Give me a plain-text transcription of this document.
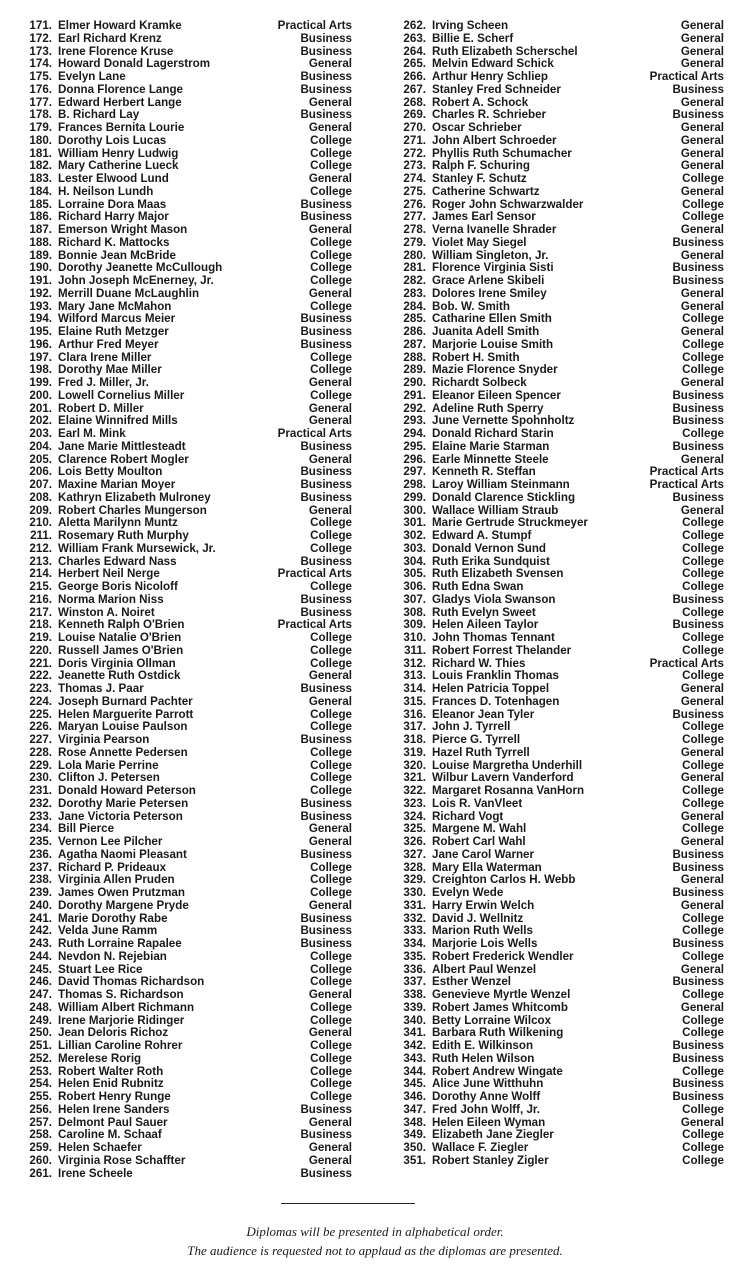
171. Elmer Howard Kramke	Practical Arts
172. Earl Richard Krenz	Business
173. Irene Florence Kruse	Business
174. Howard Donald Lagerstrom	General
175. Evelyn Lane	Business
176. Donna Florence Lange	Business
177. Edward Herbert Lange	General
178. B. Richard Lay	Business
179. Frances Bernita Lourie	General
180. Dorothy Lois Lucas	College
181. William Henry Ludwig	College
182. Mary Catherine Lueck	College
183. Lester Elwood Lund	General
184. H. Neilson Lundh	College
185. Lorraine Dora Maas	Business
186. Richard Harry Major	Business
187. Emerson Wright Mason	General
188. Richard K. Mattocks	College
189. Bonnie Jean McBride	College
190. Dorothy Jeanette McCullough	College
191. John Joseph McEnerney, Jr.	College
192. Merrill Duane McLaughlin	General
193. Mary Jane McMahon	College
194. Wilford Marcus Meier	Business
195. Elaine Ruth Metzger	Business
196. Arthur Fred Meyer	Business
197. Clara Irene Miller	College
198. Dorothy Mae Miller	College
199. Fred J. Miller, Jr.	General
200. Lowell Cornelius Miller	College
201. Robert D. Miller	General
202. Elaine Winnifred Mills	General
203. Earl M. Mink	Practical Arts
204. Jane Marie Mittlesteadt	Business
205. Clarence Robert Mogler	General
206. Lois Betty Moulton	Business
207. Maxine Marian Moyer	Business
208. Kathryn Elizabeth Mulroney	Business
209. Robert Charles Mungerson	General
210. Aletta Marilynn Muntz	College
211. Rosemary Ruth Murphy	College
212. William Frank Mursewick, Jr.	College
213. Charles Edward Nass	Business
214. Herbert Neil Nerge	Practical Arts
215. George Boris Nicoloff	College
216. Norma Marion Niss	Business
217. Winston A. Noiret	Business
218. Kenneth Ralph O'Brien	Practical Arts
219. Louise Natalie O'Brien	College
220. Russell James O'Brien	College
221. Doris Virginia Ollman	College
222. Jeanette Ruth Ostdick	General
223. Thomas J. Paar	Business
224. Joseph Burnard Pachter	General
225. Helen Marguerite Parrott	College
226. Maryan Louise Paulson	College
227. Virginia Pearson	Business
228. Rose Annette Pedersen	College
229. Lola Marie Perrine	College
230. Clifton J. Petersen	College
231. Donald Howard Peterson	College
232. Dorothy Marie Petersen	Business
233. Jane Victoria Peterson	Business
234. Bill Pierce	General
235. Vernon Lee Pilcher	General
236. Agatha Naomi Pleasant	Business
237. Richard P. Prideaux	College
238. Virginia Allen Pruden	College
239. James Owen Prutzman	College
240. Dorothy Margene Pryde	General
241. Marie Dorothy Rabe	Business
242. Velda June Ramm	Business
243. Ruth Lorraine Rapalee	Business
244. Nevdon N. Rejebian	College
245. Stuart Lee Rice	College
246. David Thomas Richardson	College
247. Thomas S. Richardson	General
248. William Albert Richmann	College
249. Irene Marjorie Ridinger	College
250. Jean Deloris Richoz	General
251. Lillian Caroline Rohrer	College
252. Merelese Rorig	College
253. Robert Walter Roth	College
254. Helen Enid Rubnitz	College
255. Robert Henry Runge	College
256. Helen Irene Sanders	Business
257. Delmont Paul Sauer	General
258. Caroline M. Schaaf	Business
259. Helen Schaefer	General
260. Virginia Rose Schaffter	General
261. Irene Scheele	Business
262. Irving Scheen	General
263. Billie E. Scherf	General
264. Ruth Elizabeth Scherschel	General
265. Melvin Edward Schick	General
266. Arthur Henry Schliep	Practical Arts
267. Stanley Fred Schneider	Business
268. Robert A. Schock	General
269. Charles R. Schrieber	Business
270. Oscar Schrieber	General
271. John Albert Schroeder	General
272. Phyllis Ruth Schumacher	General
273. Ralph F. Schuring	General
274. Stanley F. Schutz	College
275. Catherine Schwartz	General
276. Roger John Schwarzwalder	College
277. James Earl Sensor	College
278. Verna Ivanelle Shrader	General
279. Violet May Siegel	Business
280. William Singleton, Jr.	General
281. Florence Virginia Sisti	Business
282. Grace Arlene Skibeli	Business
283. Dolores Irene Smiley	General
284. Bob. W. Smith	General
285. Catharine Ellen Smith	College
286. Juanita Adell Smith	General
287. Marjorie Louise Smith	College
288. Robert H. Smith	College
289. Mazie Florence Snyder	College
290. Richardt Solbeck	General
291. Eleanor Eileen Spencer	Business
292. Adeline Ruth Sperry	Business
293. June Vernette Spohnholtz	Business
294. Donald Richard Starin	College
295. Elaine Marie Starman	Business
296. Earle Minnette Steele	General
297. Kenneth R. Steffan	Practical Arts
298. Laroy William Steinmann	Practical Arts
299. Donald Clarence Stickling	Business
300. Wallace William Straub	General
301. Marie Gertrude Struckmeyer	College
302. Edward A. Stumpf	College
303. Donald Vernon Sund	College
304. Ruth Erika Sundquist	College
305. Ruth Elizabeth Svensen	College
306. Ruth Edna Swan	College
307. Gladys Viola Swanson	Business
308. Ruth Evelyn Sweet	College
309. Helen Aileen Taylor	Business
310. John Thomas Tennant	College
311. Robert Forrest Thelander	College
312. Richard W. Thies	Practical Arts
313. Louis Franklin Thomas	College
314. Helen Patricia Toppel	General
315. Frances D. Totenhagen	General
316. Eleanor Jean Tyler	Business
317. John J. Tyrrell	College
318. Pierce G. Tyrrell	College
319. Hazel Ruth Tyrrell	General
320. Louise Margretha Underhill	College
321. Wilbur Lavern Vanderford	General
322. Margaret Rosanna VanHorn	College
323. Lois R. VanVleet	College
324. Richard Vogt	General
325. Margene M. Wahl	College
326. Robert Carl Wahl	General
327. Jane Carol Warner	Business
328. Mary Ella Waterman	Business
329. Creighton Carlos H. Webb	General
330. Evelyn Wede	Business
331. Harry Erwin Welch	General
332. David J. Wellnitz	College
333. Marion Ruth Wells	College
334. Marjorie Lois Wells	Business
335. Robert Frederick Wendler	College
336. Albert Paul Wenzel	General
337. Esther Wenzel	Business
338. Genevieve Myrtle Wenzel	College
339. Robert James Whitcomb	General
340. Betty Lorraine Wilcox	College
341. Barbara Ruth Wilkening	College
342. Edith E. Wilkinson	Business
343. Ruth Helen Wilson	Business
344. Robert Andrew Wingate	College
345. Alice June Witthuhn	Business
346. Dorothy Anne Wolff	Business
347. Fred John Wolff, Jr.	College
348. Helen Eileen Wyman	General
349. Elizabeth Jane Ziegler	College
350. Wallace F. Ziegler	College
351. Robert Stanley Zigler	College
Diplomas will be presented in alphabetical order.
The audience is requested not to applaud as the diplomas are presented.
